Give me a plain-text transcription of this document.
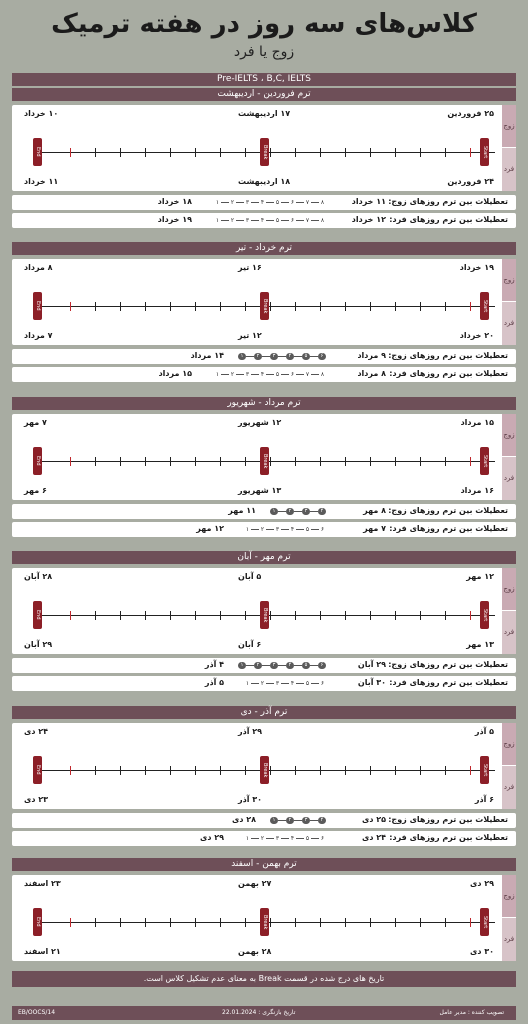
کلاس‌های سه روز در هفته ترمیک
زوج یا فرد
Pre-IELTS ، B,C, IELTS
ترم فروردین - اردیبهشت
زوج
فرد
End	Break	Start
۲۵ فروردین
۲۴ فروردین
۱۷ اردیبهشت
۱۸ اردیبهشت
۱۰ خرداد
۱۱ خرداد
تعطیلات بین ترم روزهای زوج:
۱۱ خرداد
۱	۲	۳	۴	۵	۶	۷	۸
۱۸ خرداد
تعطیلات بین ترم روزهای فرد:
۱۲ خرداد
۱	۲	۳	۴	۵	۶	۷	۸
۱۹ خرداد
ترم خرداد - تیر
زوج
فرد
End	Break	Start
۱۹ خرداد
۲۰ خرداد
۱۶ تیر
۱۲ تیر
۸ مرداد
۷ مرداد
تعطیلات بین ترم روزهای زوج:
۹ مرداد
۱	۲	۳	۴	۵	۶
۱۴ مرداد
تعطیلات بین ترم روزهای فرد:
۸ مرداد
۱	۲	۳	۴	۵	۶	۷	۸
۱۵ مرداد
ترم مرداد - شهریور
زوج
فرد
End	Break	Start
۱۵ مرداد
۱۶ مرداد
۱۲ شهریور
۱۳ شهریور
۷ مهر
۶ مهر
تعطیلات بین ترم روزهای زوج:
۸ مهر
۱	۲	۳	۴
۱۱ مهر
تعطیلات بین ترم روزهای فرد:
۷ مهر
۱	۲	۳	۴	۵	۶
۱۲ مهر
ترم مهر - آبان
زوج
فرد
End	Break	Start
۱۲ مهر
۱۳ مهر
۵ آبان
۶ آبان
۲۸ آبان
۲۹ آبان
تعطیلات بین ترم روزهای زوج:
۲۹ آبان
۱	۲	۳	۴	۵	۶
۴ آذر
تعطیلات بین ترم روزهای فرد:
۳۰ آبان
۱	۲	۳	۴	۵	۶
۵ آذر
ترم آذر - دی
زوج
فرد
End	Break	Start
۵ آذر
۶ آذر
۲۹ آذر
۳۰ آذر
۲۴ دی
۲۳ دی
تعطیلات بین ترم روزهای زوج:
۲۵ دی
۱	۲	۳	۴
۲۸ دی
تعطیلات بین ترم روزهای فرد:
۲۴ دی
۱	۲	۳	۴	۵	۶
۲۹ دی
ترم بهمن - اسفند
زوج
فرد
End	Break	Start
۲۹ دی
۳۰ دی
۲۷ بهمن
۲۸ بهمن
۲۳ اسفند
۲۱ اسفند
تاریخ های درج شده در قسمت Break به معنای عدم تشکیل کلاس است.
تصویب کننده : مدیر عامل
تاریخ بازنگری : 22.01.2024
EB/OOCS/14
